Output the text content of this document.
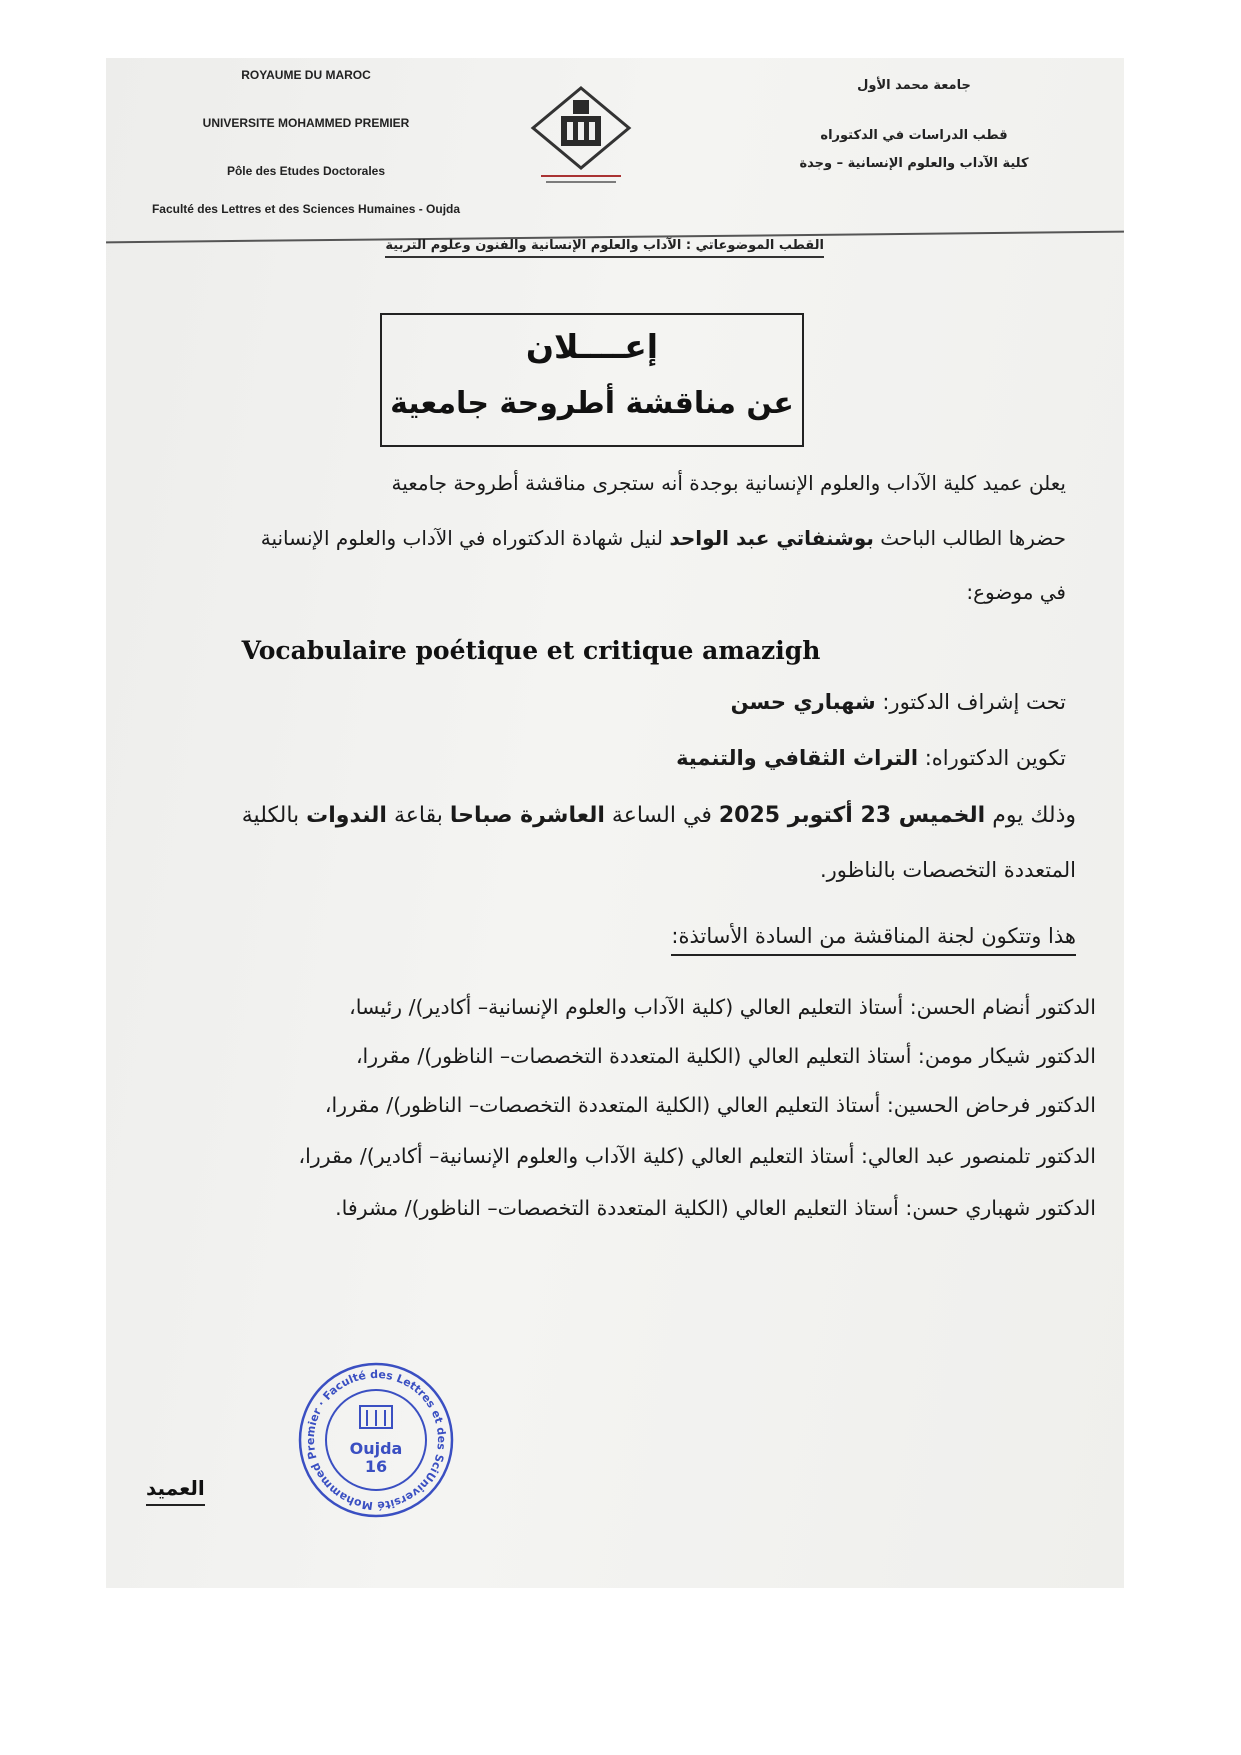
ROYAUME DU MAROC
UNIVERSITE MOHAMMED PREMIER
Pôle des Etudes Doctorales
Faculté des Lettres et des Sciences Humaines - Oujda
جامعة محمد الأول
قطب الدراسات في الدكتوراه
كلية الآداب والعلوم الإنسانية – وجدة
القطب الموضوعاتي : الآداب والعلوم الإنسانية والفنون وعلوم التربية
إعــــلان
عن مناقشة أطروحة جامعية
يعلن عميد كلية الآداب والعلوم الإنسانية بوجدة أنه ستجرى مناقشة أطروحة جامعية
حضرها الطالب الباحث بوشنفاتي عبد الواحد لنيل شهادة الدكتوراه في الآداب والعلوم الإنسانية
في موضوع:
Vocabulaire poétique et critique amazigh
تحت إشراف الدكتور: شهباري حسن
تكوين الدكتوراه: التراث الثقافي والتنمية
وذلك يوم الخميس 23 أكتوبر 2025 في الساعة العاشرة صباحا بقاعة الندوات بالكلية
المتعددة التخصصات بالناظور.
هذا وتتكون لجنة المناقشة من السادة الأساتذة:
الدكتور أنضام الحسن: أستاذ التعليم العالي (كلية الآداب والعلوم الإنسانية– أكادير)/ رئيسا،
الدكتور شيكار مومن: أستاذ التعليم العالي (الكلية المتعددة التخصصات– الناظور)/ مقررا،
الدكتور فرحاض الحسين: أستاذ التعليم العالي (الكلية المتعددة التخصصات– الناظور)/ مقررا،
الدكتور تلمنصور عبد العالي: أستاذ التعليم العالي (كلية الآداب والعلوم الإنسانية– أكادير)/ مقررا،
الدكتور شهباري حسن: أستاذ التعليم العالي (الكلية المتعددة التخصصات– الناظور)/ مشرفا.
Université Mohammed Premier · Faculté des Lettres et des Sciences
Oujda
16
العميد
